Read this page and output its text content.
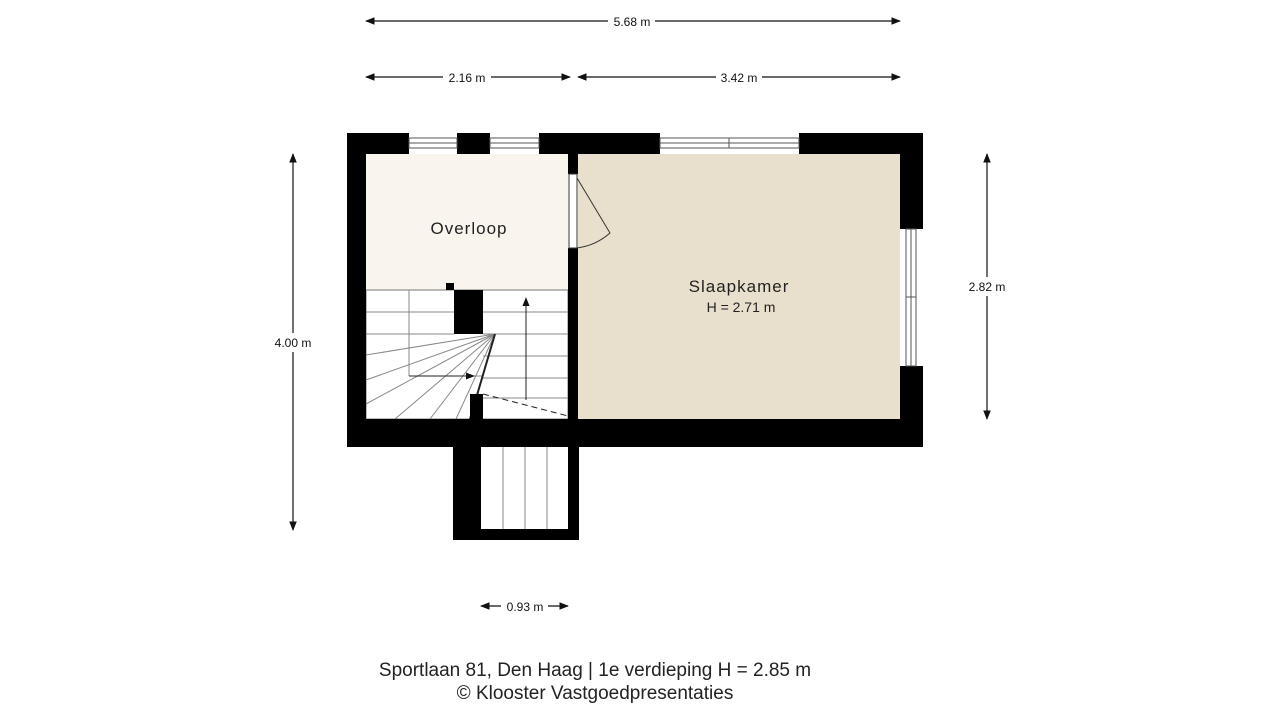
5.68 m
2.16 m	3.42 m
4.00 m
2.82 m
0.93 m
Overloop
Slaapkamer
H = 2.71 m
Sportlaan 81, Den Haag | 1e verdieping H = 2.85 m
© Klooster Vastgoedpresentaties
